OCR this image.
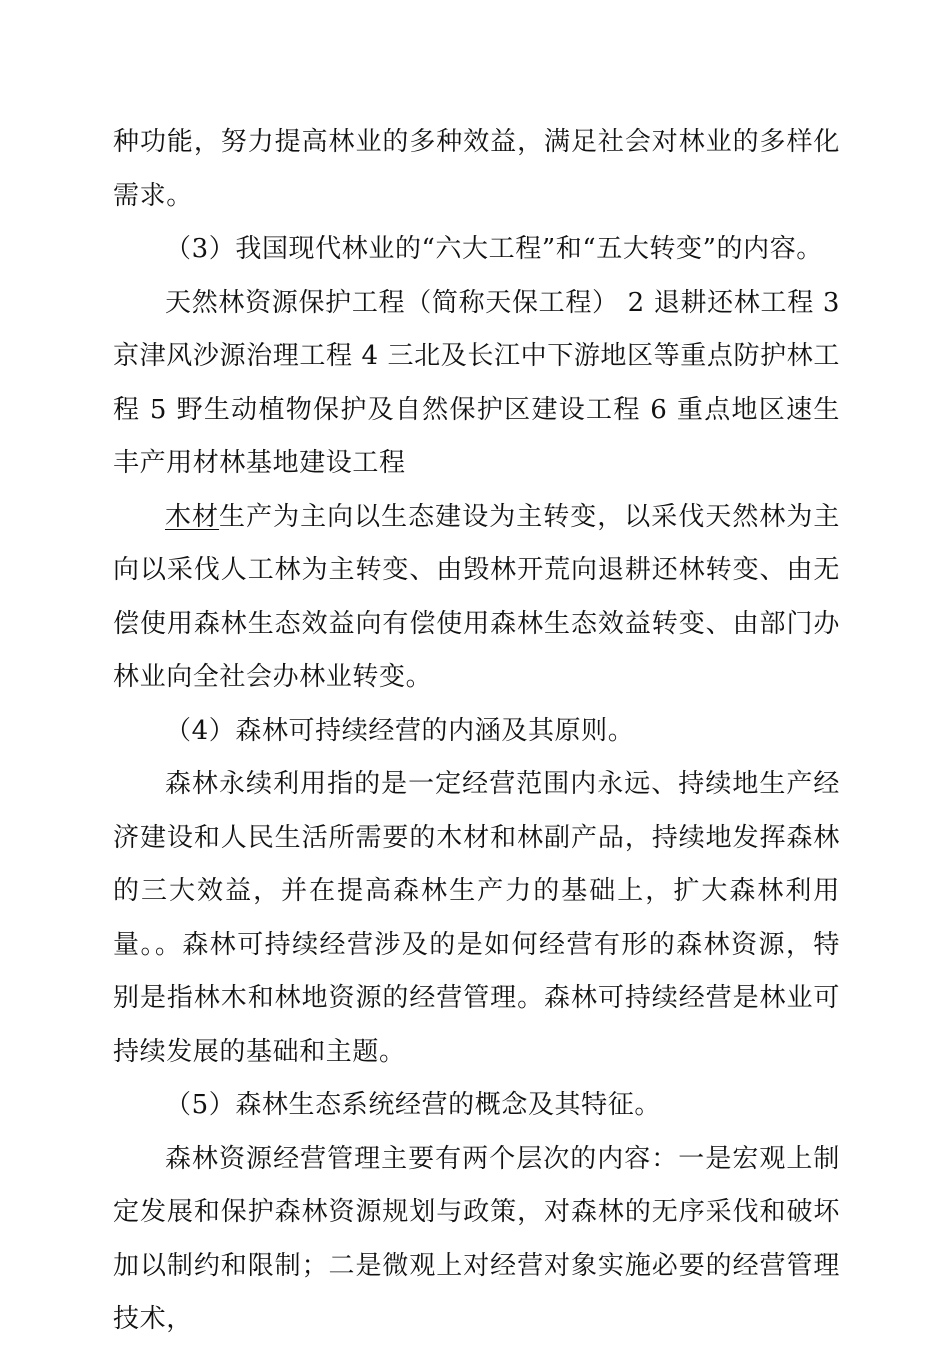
种功能，努力提高林业的多种效益，满足社会对林业的多样化需求。

（3）我国现代林业的“六大工程”和“五大转变”的内容。

天然林资源保护工程（简称天保工程） 2 退耕还林工程 3 京津风沙源治理工程 4 三北及长江中下游地区等重点防护林工程 5 野生动植物保护及自然保护区建设工程 6 重点地区速生丰产用材林基地建设工程

木材生产为主向以生态建设为主转变，以采伐天然林为主向以采伐人工林为主转变、由毁林开荒向退耕还林转变、由无偿使用森林生态效益向有偿使用森林生态效益转变、由部门办林业向全社会办林业转变。

（4）森林可持续经营的内涵及其原则。

森林永续利用指的是一定经营范围内永远、持续地生产经济建设和人民生活所需要的木材和林副产品，持续地发挥森林的三大效益，并在提高森林生产力的基础上，扩大森林利用量。。森林可持续经营涉及的是如何经营有形的森林资源，特别是指林木和林地资源的经营管理。森林可持续经营是林业可持续发展的基础和主题。

（5）森林生态系统经营的概念及其特征。

森林资源经营管理主要有两个层次的内容：一是宏观上制定发展和保护森林资源规划与政策，对森林的无序采伐和破坏加以制约和限制；二是微观上对经营对象实施必要的经营管理技术，
